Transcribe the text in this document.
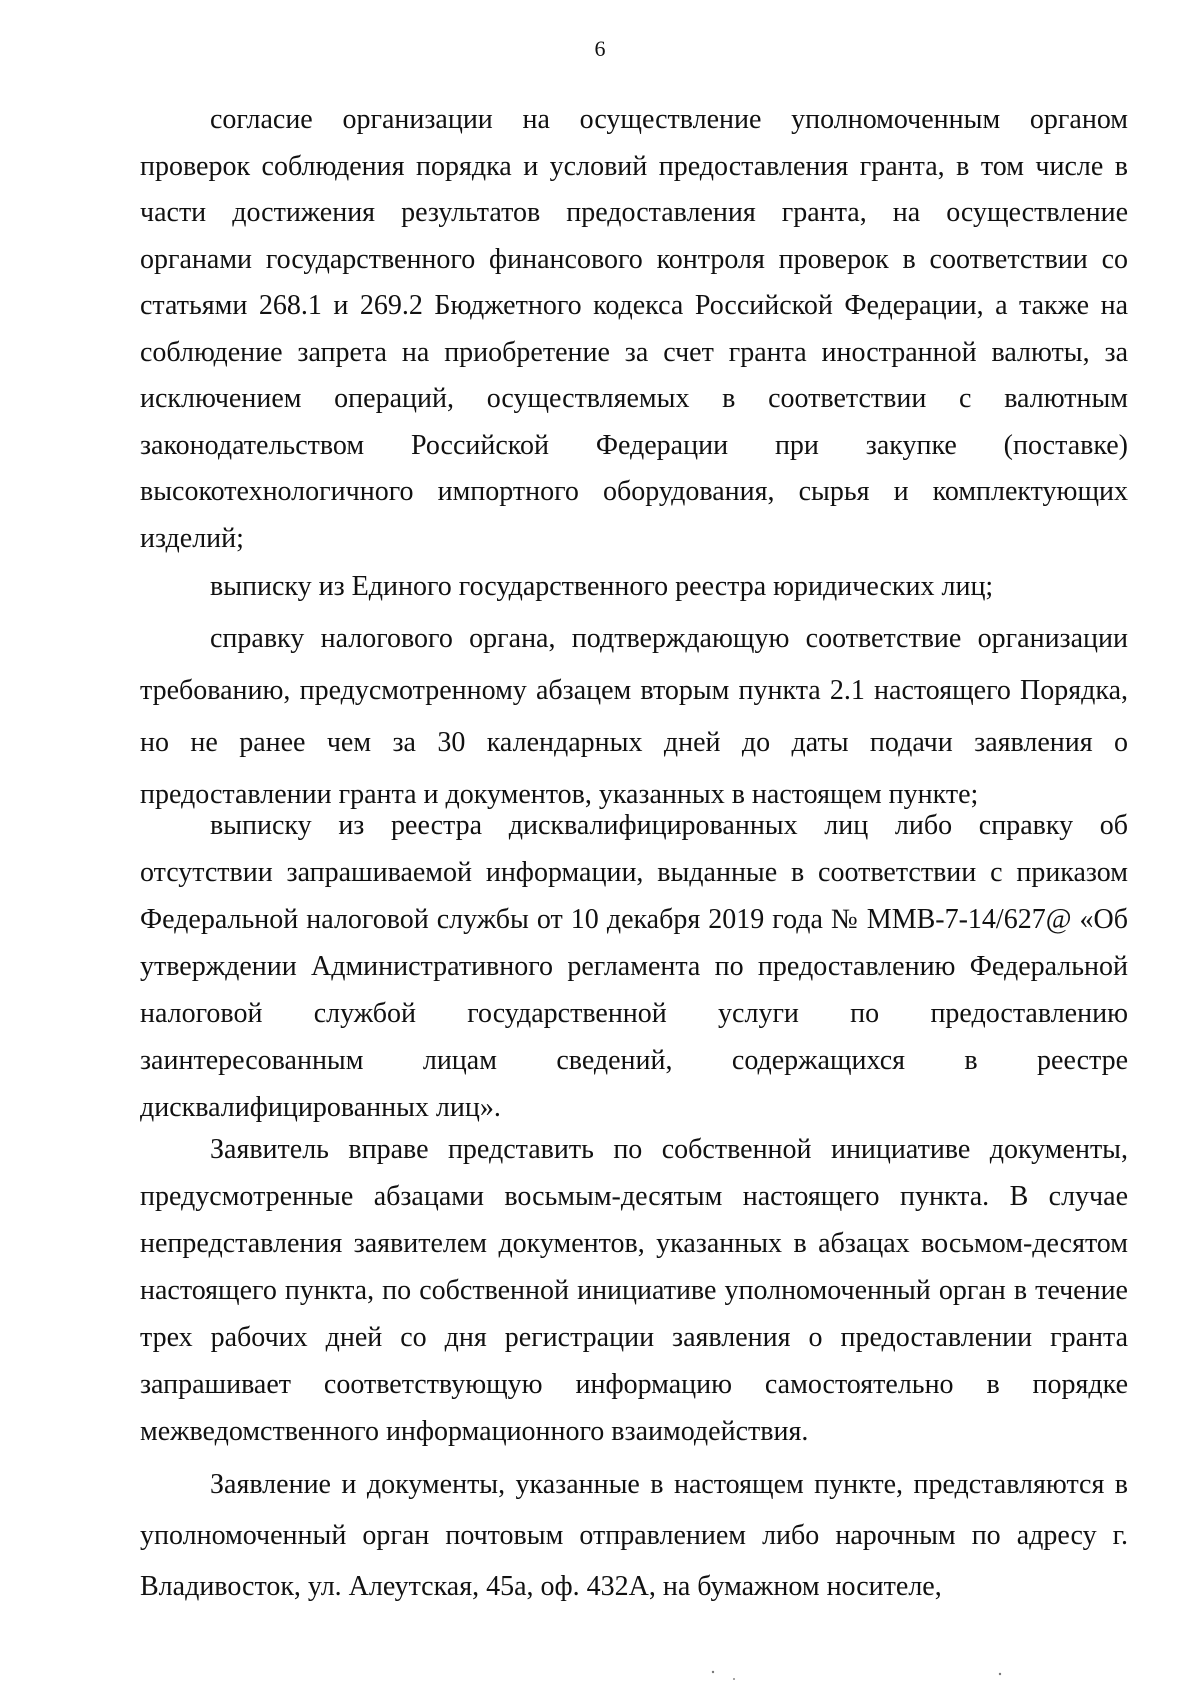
6

согласие организации на осуществление уполномоченным органом проверок соблюдения порядка и условий предоставления гранта, в том числе в части достижения результатов предоставления гранта, на осуществление органами государственного финансового контроля проверок в соответствии со статьями 268.1 и 269.2 Бюджетного кодекса Российской Федерации, а также на соблюдение запрета на приобретение за счет гранта иностранной валюты, за исключением операций, осуществляемых в соответствии с валютным законодательством Российской Федерации при закупке (поставке) высокотехнологичного импортного оборудования, сырья и комплектующих изделий;

выписку из Единого государственного реестра юридических лиц;

справку налогового органа, подтверждающую соответствие организации требованию, предусмотренному абзацем вторым пункта 2.1 настоящего Порядка, но не ранее чем за 30 календарных дней до даты подачи заявления о предоставлении гранта и документов, указанных в настоящем пункте;

выписку из реестра дисквалифицированных лиц либо справку об отсутствии запрашиваемой информации, выданные в соответствии с приказом Федеральной налоговой службы от 10 декабря 2019 года № ММВ-7-14/627@ «Об утверждении Административного регламента по предоставлению Федеральной налоговой службой государственной услуги по предоставлению заинтересованным лицам сведений, содержащихся в реестре дисквалифицированных лиц».

Заявитель вправе представить по собственной инициативе документы, предусмотренные абзацами восьмым-десятым настоящего пункта. В случае непредставления заявителем документов, указанных в абзацах восьмом-десятом настоящего пункта, по собственной инициативе уполномоченный орган в течение трех рабочих дней со дня регистрации заявления о предоставлении гранта запрашивает соответствующую информацию самостоятельно в порядке межведомственного информационного взаимодействия.

Заявление и документы, указанные в настоящем пункте, представляются в уполномоченный орган почтовым отправлением либо нарочным по адресу г. Владивосток, ул. Алеутская, 45а, оф. 432А, на бумажном носителе,
